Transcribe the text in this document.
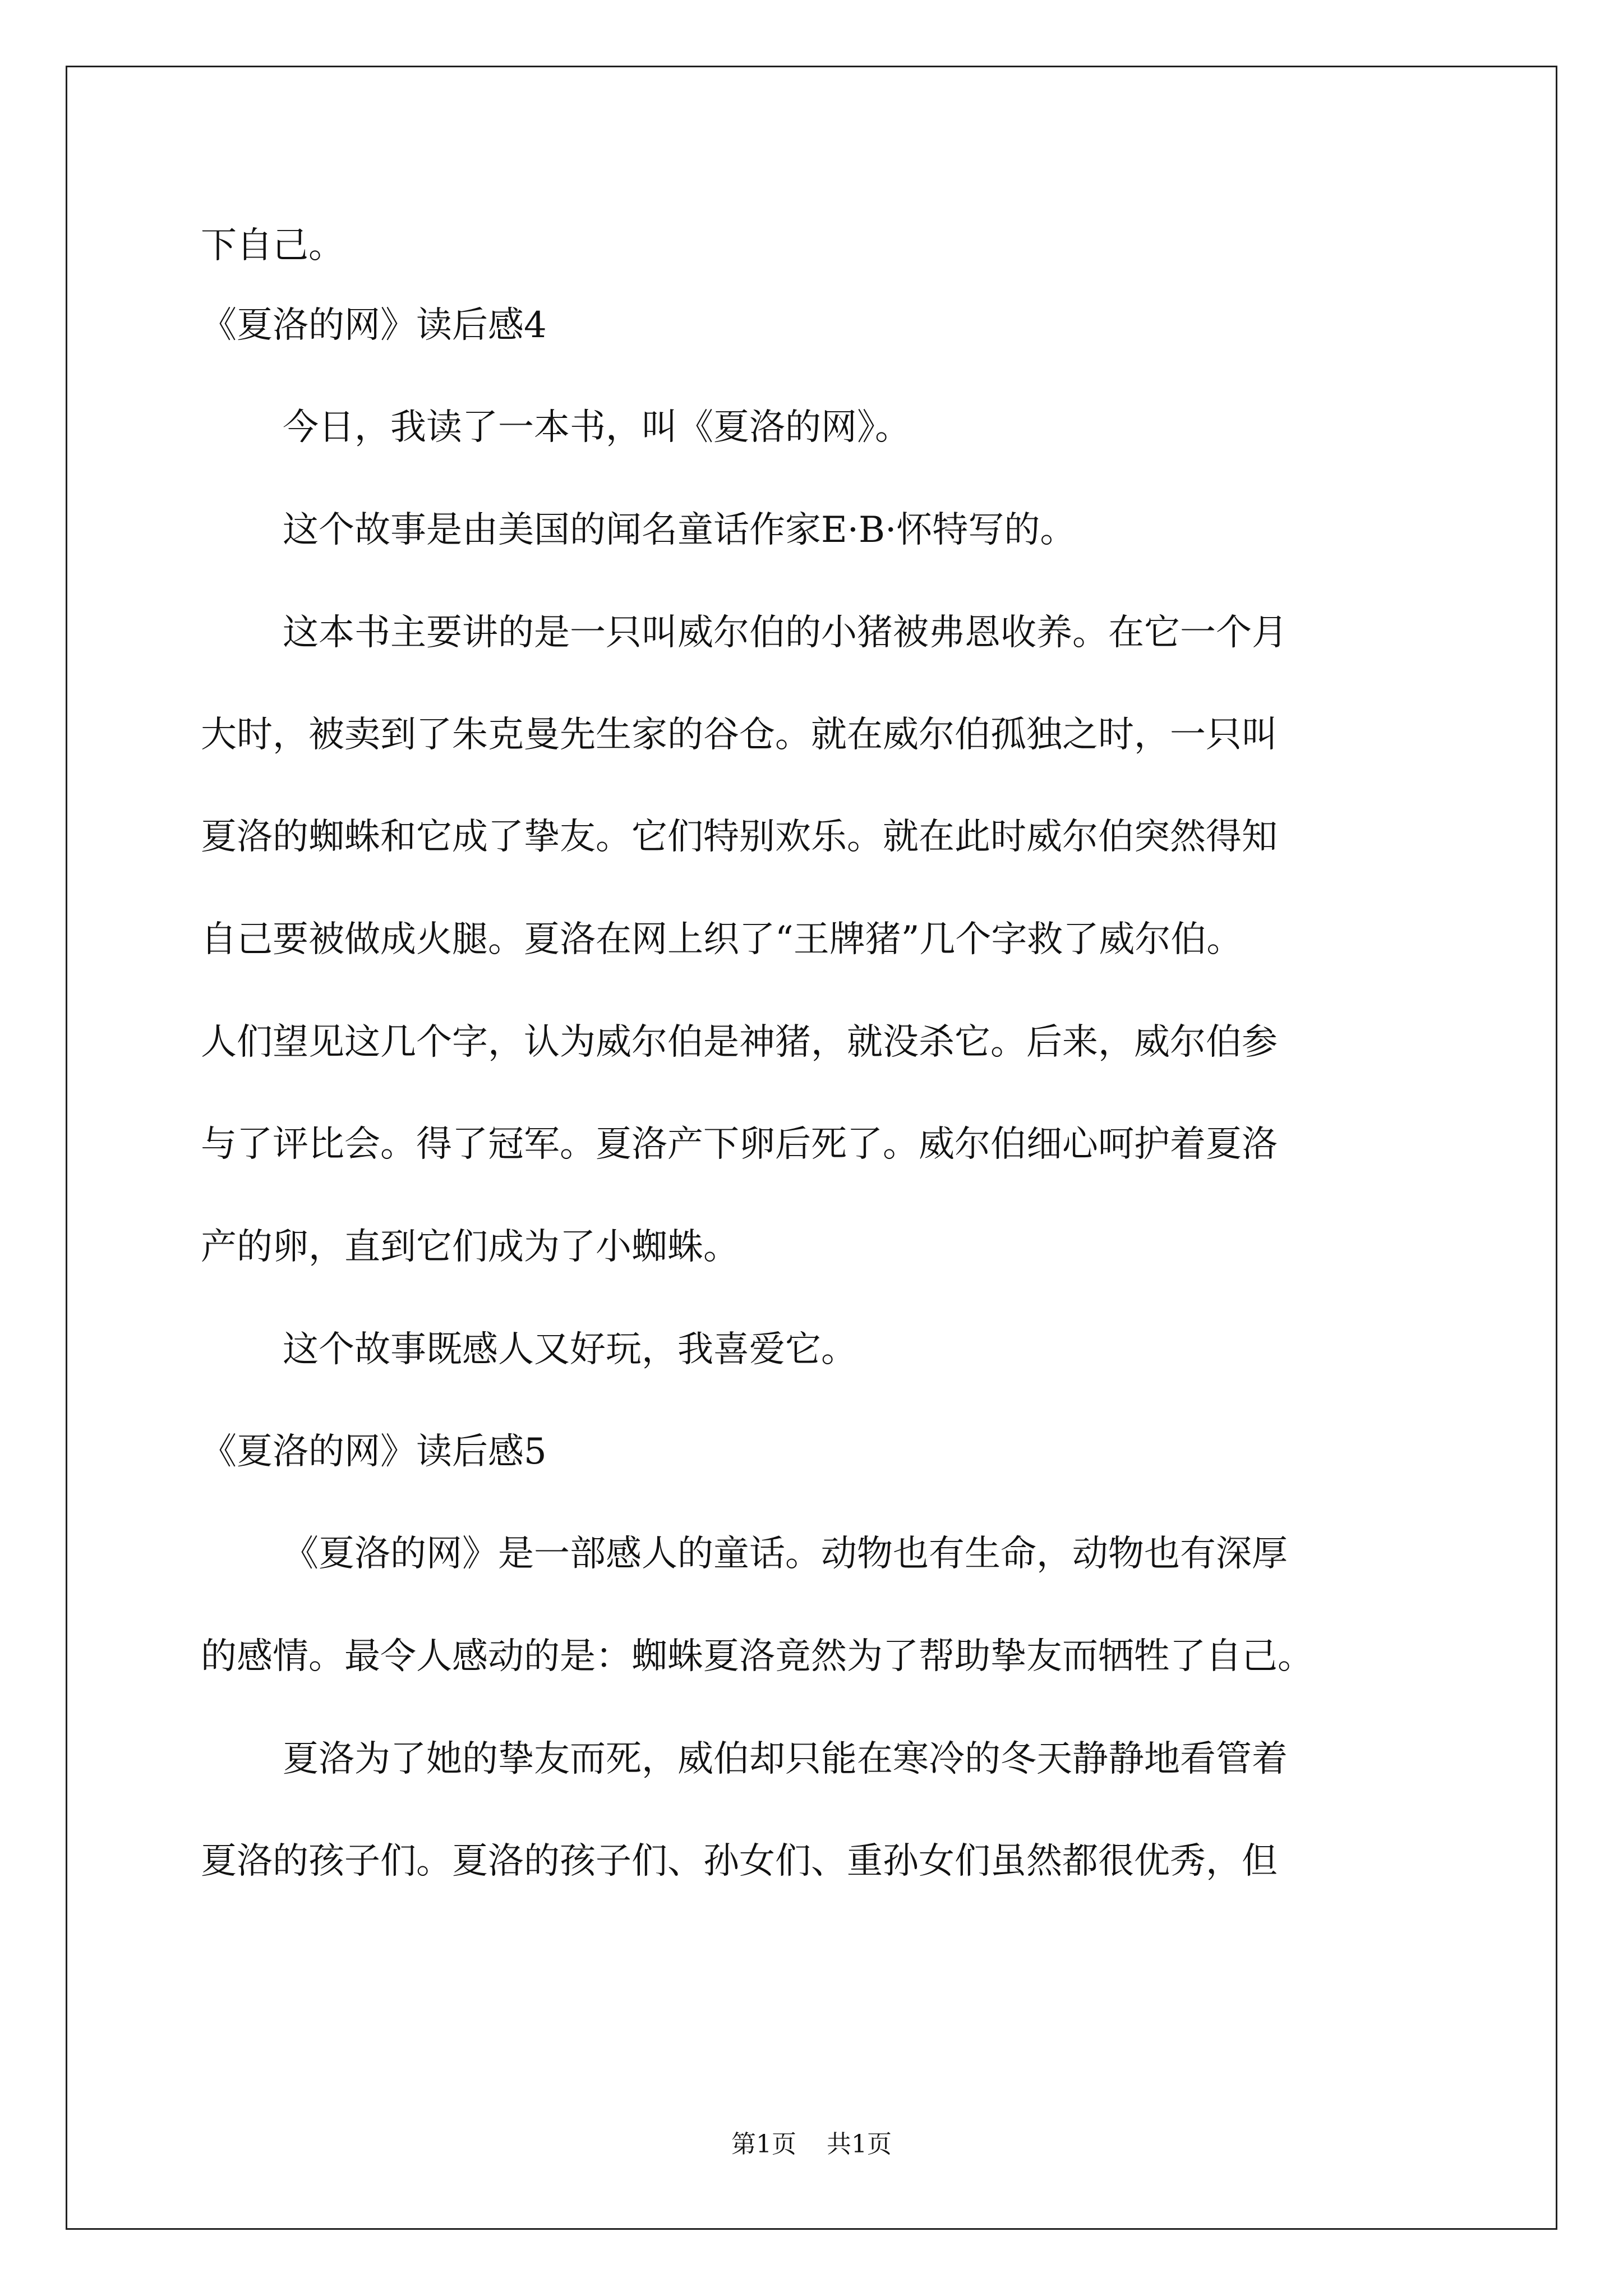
下自己。
《夏洛的网》读后感4
今日，我读了一本书，叫《夏洛的网》。
这个故事是由美国的闻名童话作家E·B·怀特写的。
这本书主要讲的是一只叫威尔伯的小猪被弗恩收养。在它一个月
大时，被卖到了朱克曼先生家的谷仓。就在威尔伯孤独之时，一只叫
夏洛的蜘蛛和它成了挚友。它们特别欢乐。就在此时威尔伯突然得知
自己要被做成火腿。夏洛在网上织了“王牌猪”几个字救了威尔伯。
人们望见这几个字，认为威尔伯是神猪，就没杀它。后来，威尔伯参
与了评比会。得了冠军。夏洛产下卵后死了。威尔伯细心呵护着夏洛
产的卵，直到它们成为了小蜘蛛。
这个故事既感人又好玩，我喜爱它。
《夏洛的网》读后感5
《夏洛的网》是一部感人的童话。动物也有生命，动物也有深厚
的感情。最令人感动的是：蜘蛛夏洛竟然为了帮助挚友而牺牲了自己。
夏洛为了她的挚友而死，威伯却只能在寒冷的冬天静静地看管着
夏洛的孩子们。夏洛的孩子们、孙女们、重孙女们虽然都很优秀，但
第1页 共1页
